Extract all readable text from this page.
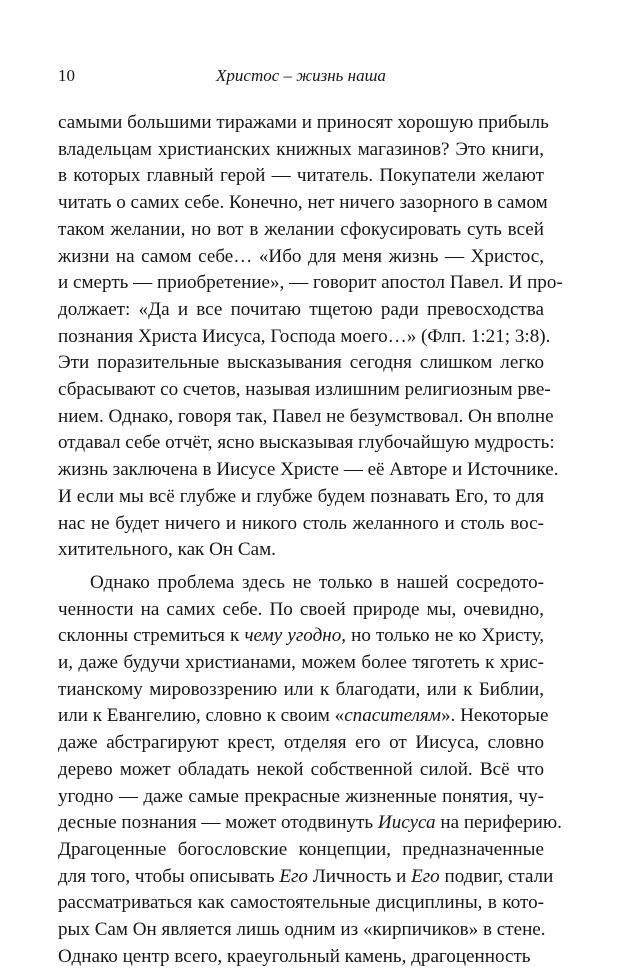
10	Христос – жизнь наша
самыми большими тиражами и приносят хорошую прибыль
владельцам христианских книжных магазинов? Это книги,
в которых главный герой — читатель. Покупатели желают
читать о самих себе. Конечно, нет ничего зазорного в самом
таком желании, но вот в желании сфокусировать суть всей
жизни на самом себе… «Ибо для меня жизнь — Христос,
и смерть — приобретение», — говорит апостол Павел. И про-
должает: «Да и все почитаю тщетою ради превосходства
познания Христа Иисуса, Господа моего…» (Флп. 1:21; 3:8).
Эти поразительные высказывания сегодня слишком легко
сбрасывают со счетов, называя излишним религиозным рве-
нием. Однако, говоря так, Павел не безумствовал. Он вполне
отдавал себе отчёт, ясно высказывая глубочайшую мудрость:
жизнь заключена в Иисусе Христе — её Авторе и Источнике.
И если мы всё глубже и глубже будем познавать Его, то для
нас не будет ничего и никого столь желанного и столь вос-
хитительного, как Он Сам.
Однако проблема здесь не только в нашей сосредото-
ченности на самих себе. По своей природе мы, очевидно,
склонны стремиться к чему угодно, но только не ко Христу,
и, даже будучи христианами, можем более тяготеть к хрис-
тианскому мировоззрению или к благодати, или к Библии,
или к Евангелию, словно к своим «спасителям». Некоторые
даже абстрагируют крест, отделяя его от Иисуса, словно
дерево может обладать некой собственной силой. Всё что
угодно — даже самые прекрасные жизненные понятия, чу-
десные познания — может отодвинуть Иисуса на периферию.
Драгоценные богословские концепции, предназначенные
для того, чтобы описывать Его Личность и Его подвиг, стали
рассматриваться как самостоятельные дисциплины, в кото-
рых Сам Он является лишь одним из «кирпичиков» в стене.
Однако центр всего, краеугольный камень, драгоценность
